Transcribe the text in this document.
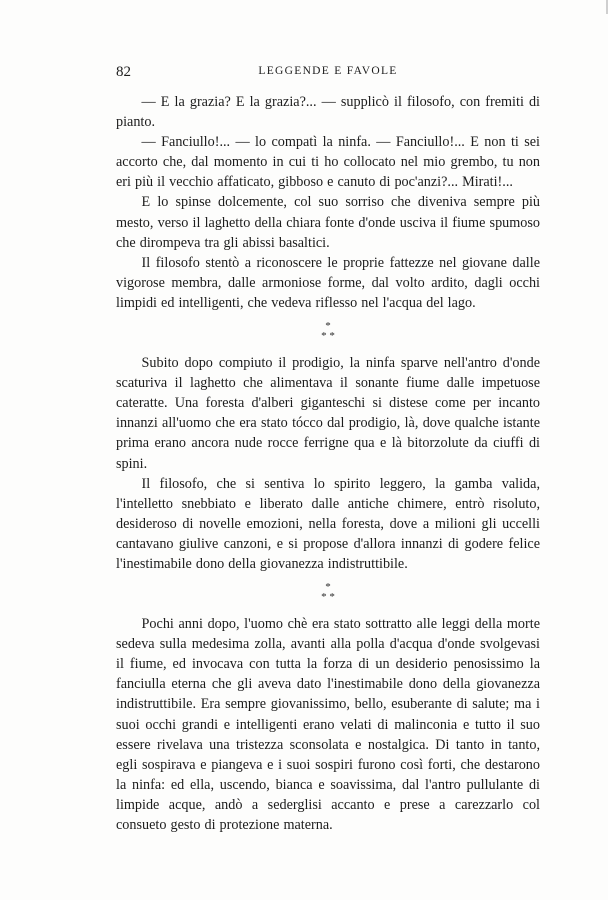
82	LEGGENDE E FAVOLE

— E la grazia? E la grazia?... — supplicò il filosofo, con fremiti di pianto.

— Fanciullo!... — lo compatì la ninfa. — Fanciullo!... E non ti sei accorto che, dal momento in cui ti ho collocato nel mio grembo, tu non eri più il vecchio affaticato, gibboso e canuto di poc'anzi?... Mirati!...

E lo spinse dolcemente, col suo sorriso che diveniva sempre più mesto, verso il laghetto della chiara fonte d'onde usciva il fiume spumoso che dirompeva tra gli abissi basaltici.

Il filosofo stentò a riconoscere le proprie fattezze nel giovane dalle vigorose membra, dalle armoniose forme, dal volto ardito, dagli occhi limpidi ed intelligenti, che vedeva riflesso nel l'acqua del lago.

*
* *

Subito dopo compiuto il prodigio, la ninfa sparve nell'antro d'onde scaturiva il laghetto che alimentava il sonante fiume dalle impetuose cateratte. Una foresta d'alberi giganteschi si distese come per incanto innanzi all'uomo che era stato tócco dal prodigio, là, dove qualche istante prima erano ancora nude rocce ferrigne qua e là bitorzolute da ciuffi di spini.

Il filosofo, che si sentiva lo spirito leggero, la gamba valida, l'intelletto snebbiato e liberato dalle antiche chimere, entrò risoluto, desideroso di novelle emozioni, nella foresta, dove a milioni gli uccelli cantavano giulive canzoni, e si propose d'allora innanzi di godere felice l'inestimabile dono della giovanezza indistruttibile.

*
* *

Pochi anni dopo, l'uomo chè era stato sottratto alle leggi della morte sedeva sulla medesima zolla, avanti alla polla d'acqua d'onde svolgevasi il fiume, ed invocava con tutta la forza di un desiderio penosissimo la fanciulla eterna che gli aveva dato l'inestimabile dono della giovanezza indistruttibile. Era sempre giovanissimo, bello, esuberante di salute; ma i suoi occhi grandi e intelligenti erano velati di malinconia e tutto il suo essere rivelava una tristezza sconsolata e nostalgica. Di tanto in tanto, egli sospirava e piangeva e i suoi sospiri furono così forti, che destarono la ninfa: ed ella, uscendo, bianca e soavissima, dal l'antro pullulante di limpide acque, andò a sederglisi accanto e prese a carezzarlo col consueto gesto di protezione materna.
